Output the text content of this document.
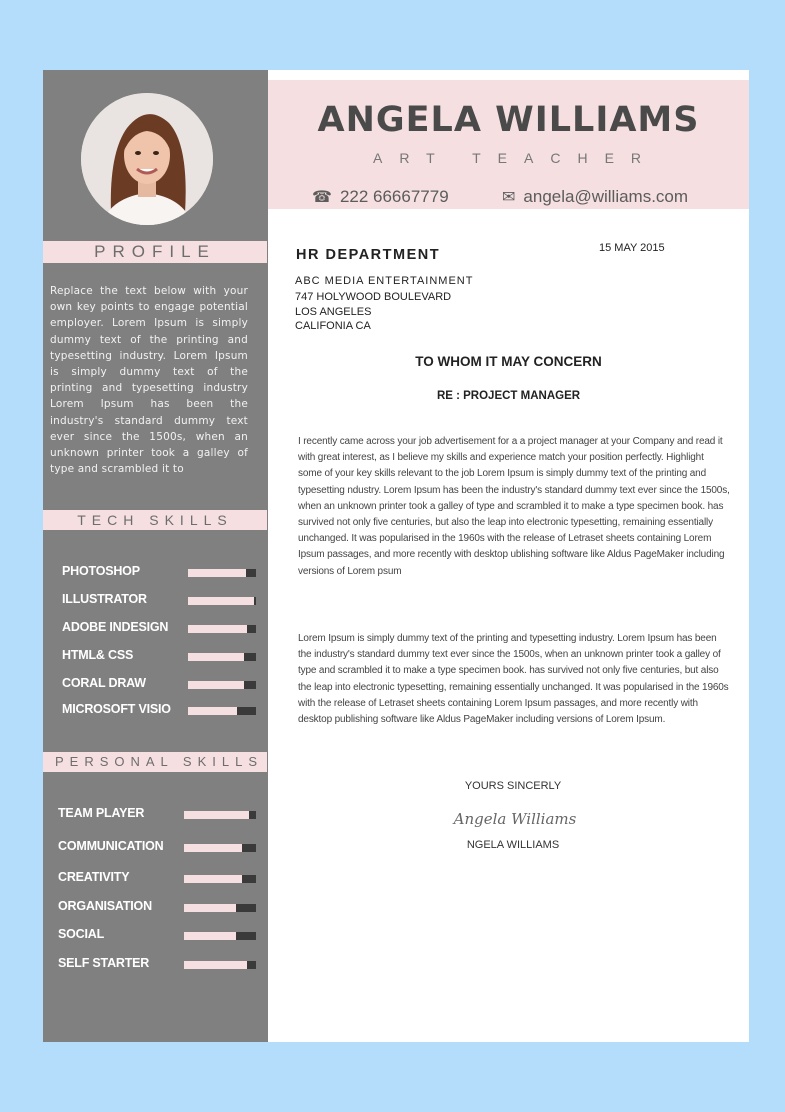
PROFILE
Replace the text below with your own key points to engage potential employer. Lorem Ipsum is simply dummy text of the printing and typesetting industry. Lorem Ipsum is simply dummy text of the printing and typesetting industry Lorem Ipsum has been the industry's standard dummy text ever since the 1500s, when an unknown printer took a galley of type and scrambled it to
TECH SKILLS
PHOTOSHOP
ILLUSTRATOR
ADOBE INDESIGN
HTML& CSS
CORAL DRAW
MICROSOFT VISIO
PERSONAL SKILLS
TEAM PLAYER
COMMUNICATION
CREATIVITY
ORGANISATION
SOCIAL
SELF STARTER
ANGELA WILLIAMS
ART TEACHER
☎ 222 66667779	✉ angela@williams.com
HR DEPARTMENT	15 MAY 2015
ABC MEDIA ENTERTAINMENT
747 HOLYWOOD BOULEVARD
LOS ANGELES
CALIFONIA CA
TO WHOM IT MAY CONCERN
RE : PROJECT MANAGER
I recently came across your job advertisement for a a project manager at your Company and read it with great interest, as I believe my skills and experience match your position perfectly. Highlight some of your key skills relevant to the job Lorem Ipsum is simply dummy text of the printing and typesetting ndustry. Lorem Ipsum has been the industry's standard dummy text ever since the 1500s, when an unknown printer took a galley of type and scrambled it to make a type specimen book. has survived not only five centuries, but also the leap into electronic typesetting, remaining essentially unchanged. It was popularised in the 1960s with the release of Letraset sheets containing Lorem Ipsum passages, and more recently with desktop ublishing software like Aldus PageMaker including versions of Lorem psum
Lorem Ipsum is simply dummy text of the printing and typesetting industry. Lorem Ipsum has been the industry's standard dummy text ever since the 1500s, when an unknown printer took a galley of type and scrambled it to make a type specimen book. has survived not only five centuries, but also the leap into electronic typesetting, remaining essentially unchanged. It was popularised in the 1960s with the release of Letraset sheets containing Lorem Ipsum passages, and more recently with desktop publishing software like Aldus PageMaker including versions of Lorem Ipsum.
YOURS SINCERLY
Angela Williams
NGELA WILLIAMS
